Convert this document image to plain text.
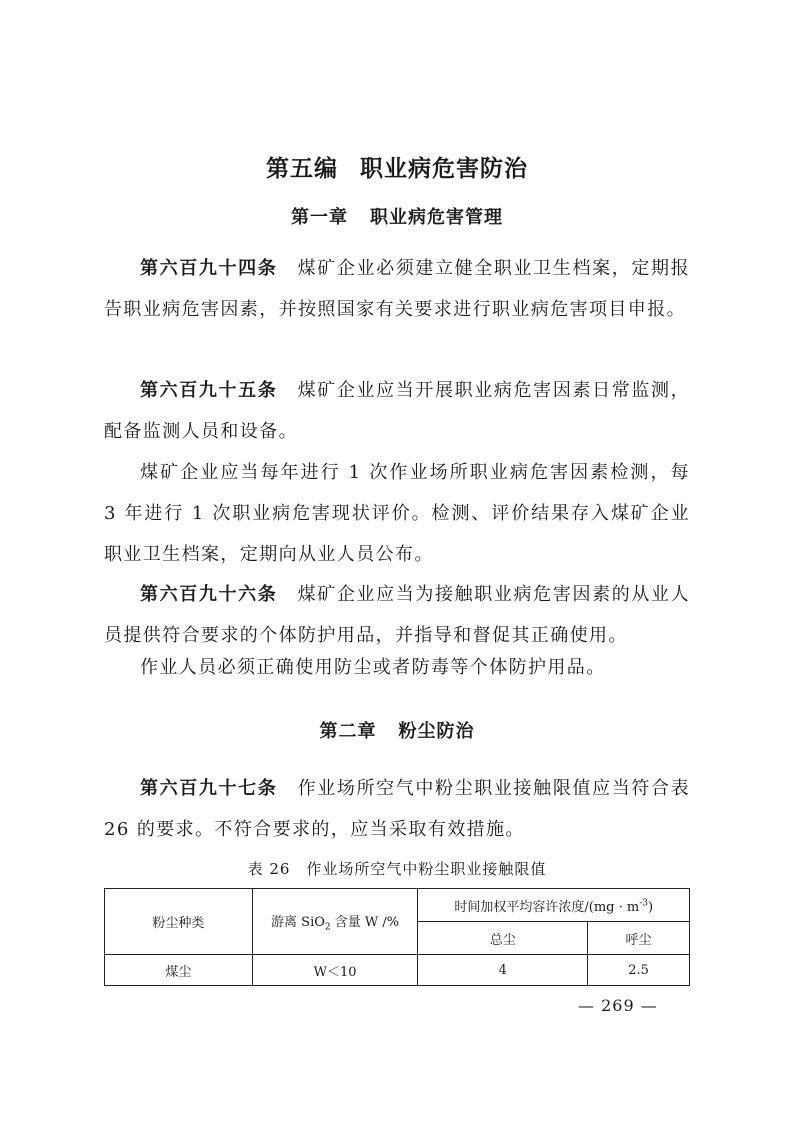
第五编 职业病危害防治
第一章 职业病危害管理

第六百九十四条 煤矿企业必须建立健全职业卫生档案，定期报告职业病危害因素，并按照国家有关要求进行职业病危害项目申报。

第六百九十五条 煤矿企业应当开展职业病危害因素日常监测，配备监测人员和设备。

煤矿企业应当每年进行 1 次作业场所职业病危害因素检测，每 3 年进行 1 次职业病危害现状评价。检测、评价结果存入煤矿企业职业卫生档案，定期向从业人员公布。

第六百九十六条 煤矿企业应当为接触职业病危害因素的从业人员提供符合要求的个体防护用品，并指导和督促其正确使用。

作业人员必须正确使用防尘或者防毒等个体防护用品。

第二章 粉尘防治

第六百九十七条 作业场所空气中粉尘职业接触限值应当符合表 26 的要求。不符合要求的，应当采取有效措施。

表 26　作业场所空气中粉尘职业接触限值
粉尘种类	游离 SiO$_2$ 含量 W /%	时间加权平均容许浓度$/(mg \cdot m^{-3})$	
		总尘	呼尘
煤尘	W＜10	4	2.5
— 269 —
